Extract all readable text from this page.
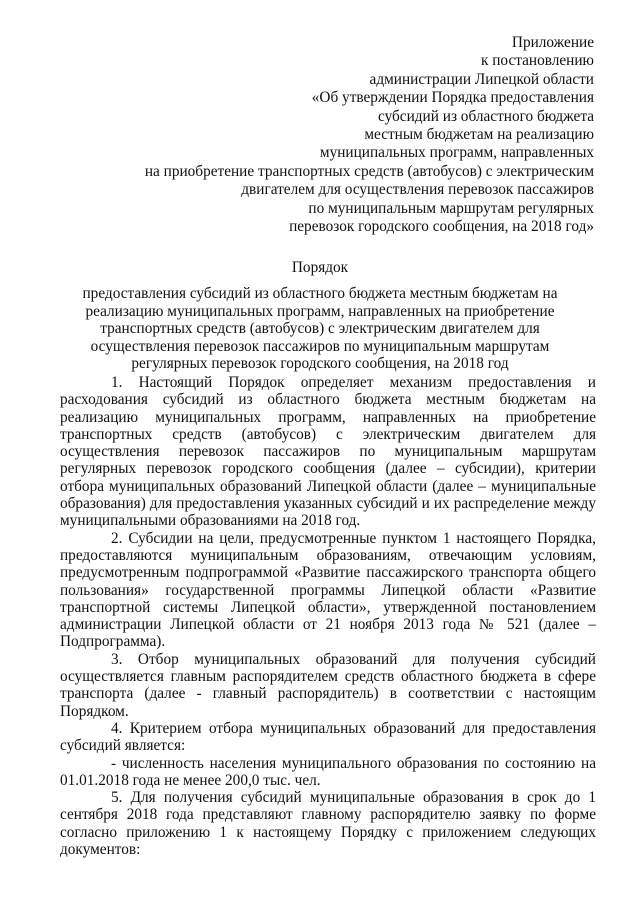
Приложение
к постановлению
администрации Липецкой области
«Об утверждении Порядка предоставления
субсидий из областного бюджета
местным бюджетам на реализацию
муниципальных программ, направленных
на приобретение транспортных средств (автобусов) с электрическим
двигателем для осуществления перевозок пассажиров
по муниципальным маршрутам регулярных
перевозок городского сообщения, на 2018 год»
Порядок
предоставления субсидий из областного бюджета местным бюджетам на
реализацию муниципальных программ, направленных на приобретение
транспортных средств (автобусов) с электрическим двигателем для
осуществления перевозок пассажиров по муниципальным маршрутам
регулярных перевозок городского сообщения, на 2018 год

1. Настоящий Порядок определяет механизм предоставления и расходования субсидий из областного бюджета местным бюджетам на реализацию муниципальных программ, направленных на приобретение транспортных средств (автобусов) с электрическим двигателем для осуществления перевозок пассажиров по муниципальным маршрутам регулярных перевозок городского сообщения (далее – субсидии), критерии отбора муниципальных образований Липецкой области (далее – муниципальные образования) для предоставления указанных субсидий и их распределение между муниципальными образованиями на 2018 год.

2. Субсидии на цели, предусмотренные пунктом 1 настоящего Порядка, предоставляются муниципальным образованиям, отвечающим условиям, предусмотренным подпрограммой «Развитие пассажирского транспорта общего пользования» государственной программы Липецкой области «Развитие транспортной системы Липецкой области», утвержденной постановлением администрации Липецкой области от 21 ноября 2013 года № 521 (далее – Подпрограмма).

3. Отбор муниципальных образований для получения субсидий осуществляется главным распорядителем средств областного бюджета в сфере транспорта (далее - главный распорядитель) в соответствии с настоящим Порядком.

4. Критерием отбора муниципальных образований для предоставления субсидий является:

- численность населения муниципального образования по состоянию на 01.01.2018 года не менее 200,0 тыс. чел.

5. Для получения субсидий муниципальные образования в срок до 1 сентября 2018 года представляют главному распорядителю заявку по форме согласно приложению 1 к настоящему Порядку с приложением следующих документов:
